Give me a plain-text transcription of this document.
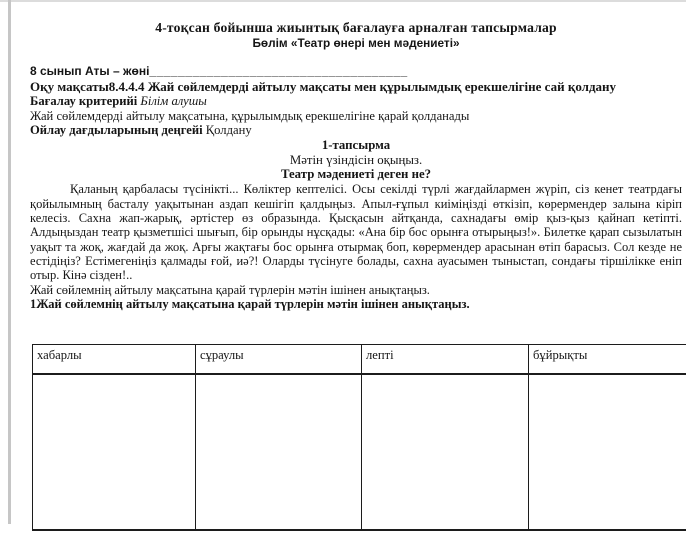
4-тоқсан бойынша жиынтық бағалауға арналған тапсырмалар
Бөлім «Театр өнері мен мәдениеті»
8 сынып Аты – жөні____________________________________
Оқу мақсаты8.4.4.4 Жай сөйлемдерді айтылу мақсаты мен құрылымдық ерекшелігіне сай қолдану
Бағалау критерийі Білім алушы
Жай сөйлемдерді айтылу мақсатына, құрылымдық ерекшелігіне қарай қолданады
Ойлау дағдыларының деңгейі Қолдану
1-тапсырма
Мәтін үзіндісін оқыңыз.
Театр мәдениеті деген не?

Қаланың қарбаласы түсінікті... Көліктер кептелісі. Осы секілді түрлі жағдайлармен жүріп, сіз кенет театрдағы қойылымның басталу уақытынан аздап кешігіп қалдыңыз. Апыл-ғұпыл киіміңізді өткізіп, көрермендер залына кіріп келесіз. Сахна жап-жарық, әртістер өз образында. Қысқасын айтқанда, сахнадағы өмір қыз-қыз қайнап кетіпті. Алдыңыздан театр қызметшісі шығып, бір орынды нұсқады: «Ана бір бос орынға отырыңыз!». Билетке қарап сызылатын уақыт та жоқ, жағдай да жоқ. Арғы жақтағы бос орынға отырмақ боп, көрермендер арасынан өтіп барасыз. Сол кезде не естідіңіз? Естімегеніңіз қалмады ғой, иә?! Оларды түсінуге болады, сахна ауасымен тыныстап, сондағы тіршілікке еніп отыр. Кінә сізден!..

Жай сөйлемнің айтылу мақсатына қарай түрлерін мәтін ішінен анықтаңыз.
1Жай сөйлемнің айтылу мақсатына қарай түрлерін мәтін ішінен анықтаңыз.
хабарлы	сұраулы	лепті	бұйрықты
